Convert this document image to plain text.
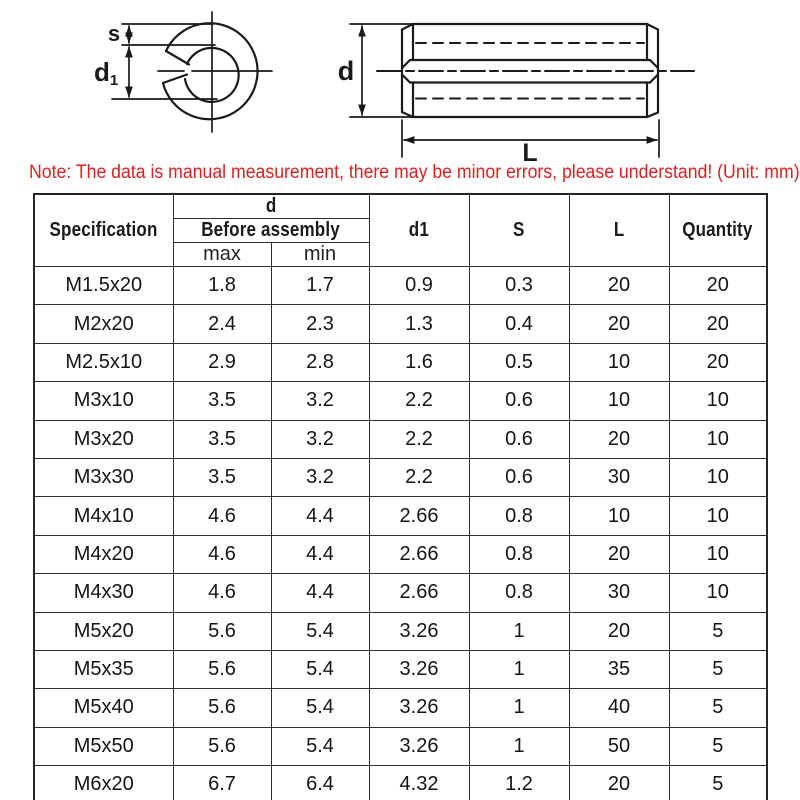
s
d1	d
L
Note: The data is manual measurement, there may be minor errors, please understand! (Unit: mm)
Specification	d		d1	S	L	Quantity
	Before assembly					
	max	min				
M1.5x20	1.8	1.7	0.9	0.3	20	20
M2x20	2.4	2.3	1.3	0.4	20	20
M2.5x10	2.9	2.8	1.6	0.5	10	20
M3x10	3.5	3.2	2.2	0.6	10	10
M3x20	3.5	3.2	2.2	0.6	20	10
M3x30	3.5	3.2	2.2	0.6	30	10
M4x10	4.6	4.4	2.66	0.8	10	10
M4x20	4.6	4.4	2.66	0.8	20	10
M4x30	4.6	4.4	2.66	0.8	30	10
M5x20	5.6	5.4	3.26	1	20	5
M5x35	5.6	5.4	3.26	1	35	5
M5x40	5.6	5.4	3.26	1	40	5
M5x50	5.6	5.4	3.26	1	50	5
M6x20	6.7	6.4	4.32	1.2	20	5
